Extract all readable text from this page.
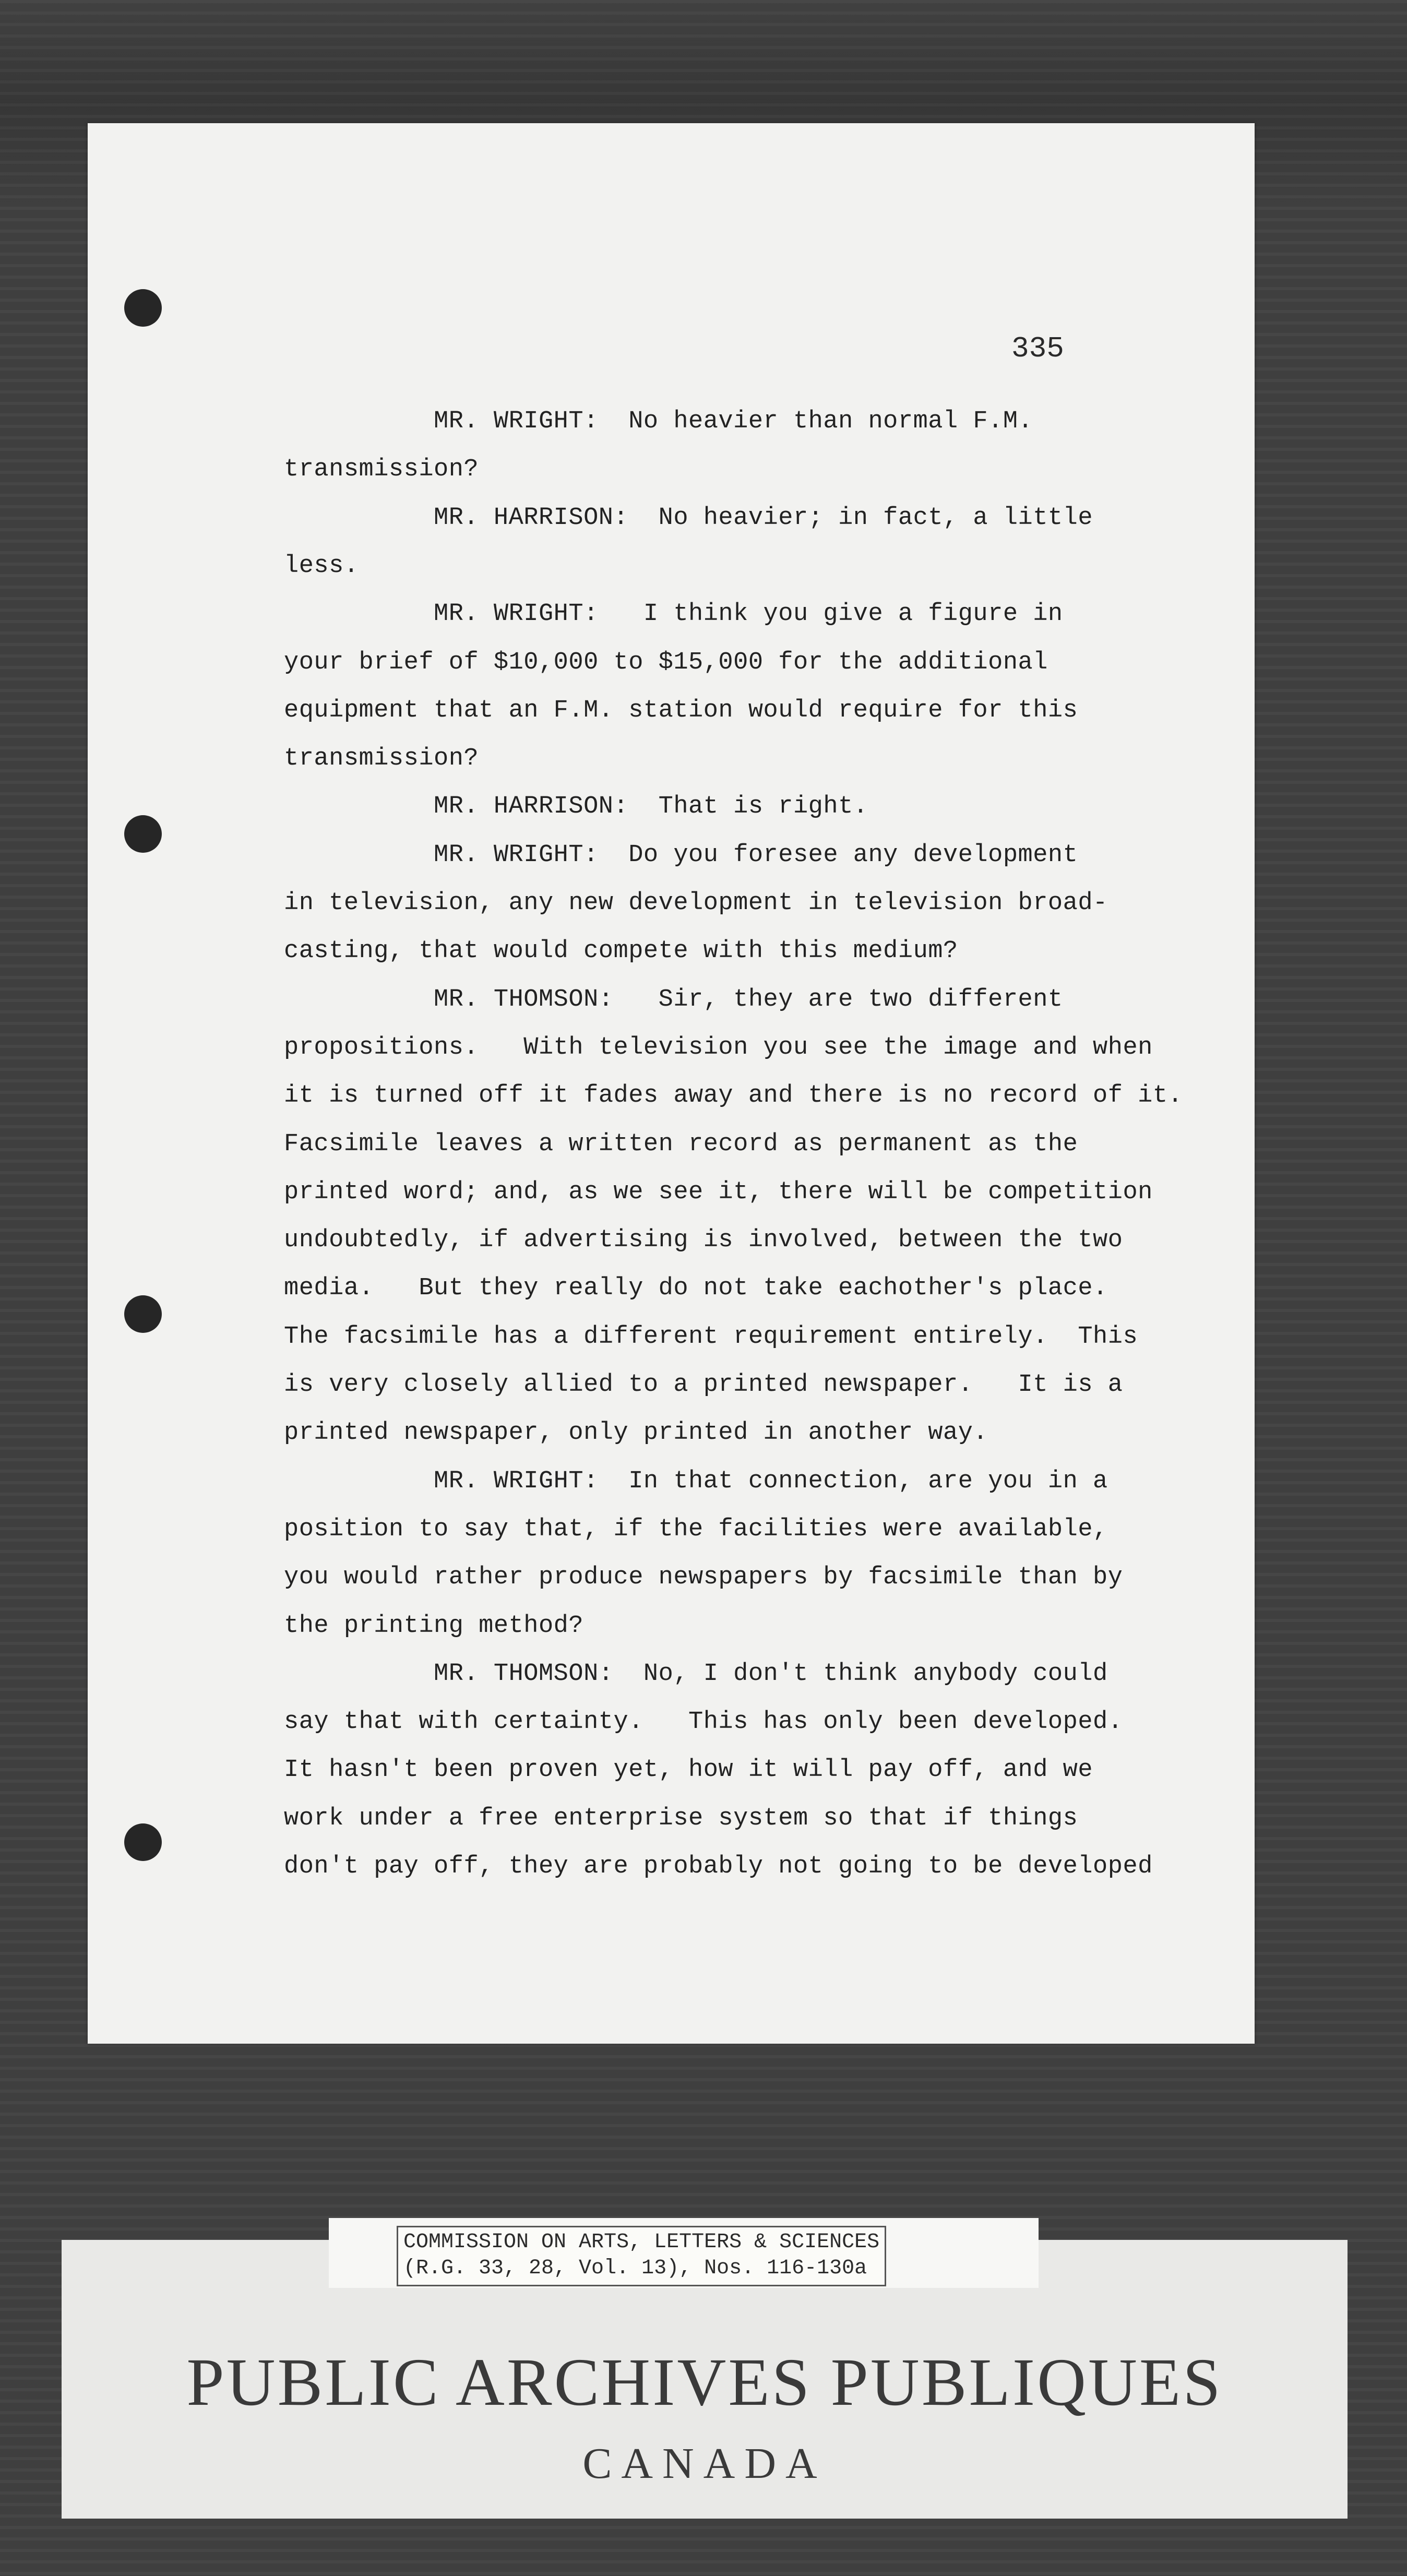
335
MR. WRIGHT:  No heavier than normal F.M.
transmission?
MR. HARRISON:  No heavier; in fact, a little
less.
MR. WRIGHT:   I think you give a figure in
your brief of $10,000 to $15,000 for the additional
equipment that an F.M. station would require for this
transmission?
MR. HARRISON:  That is right.
MR. WRIGHT:  Do you foresee any development
in television, any new development in television broad-
casting, that would compete with this medium?
MR. THOMSON:   Sir, they are two different
propositions.   With television you see the image and when
it is turned off it fades away and there is no record of it.
Facsimile leaves a written record as permanent as the
printed word; and, as we see it, there will be competition
undoubtedly, if advertising is involved, between the two
media.   But they really do not take eachother's place.
The facsimile has a different requirement entirely.  This
is very closely allied to a printed newspaper.   It is a
printed newspaper, only printed in another way.
MR. WRIGHT:  In that connection, are you in a
position to say that, if the facilities were available,
you would rather produce newspapers by facsimile than by
the printing method?
MR. THOMSON:  No, I don't think anybody could
say that with certainty.   This has only been developed.
It hasn't been proven yet, how it will pay off, and we
work under a free enterprise system so that if things
don't pay off, they are probably not going to be developed
COMMISSION ON ARTS, LETTERS & SCIENCES
(R.G. 33, 28, Vol. 13), Nos. 116-130a
PUBLIC ARCHIVES PUBLIQUES
CANADA
